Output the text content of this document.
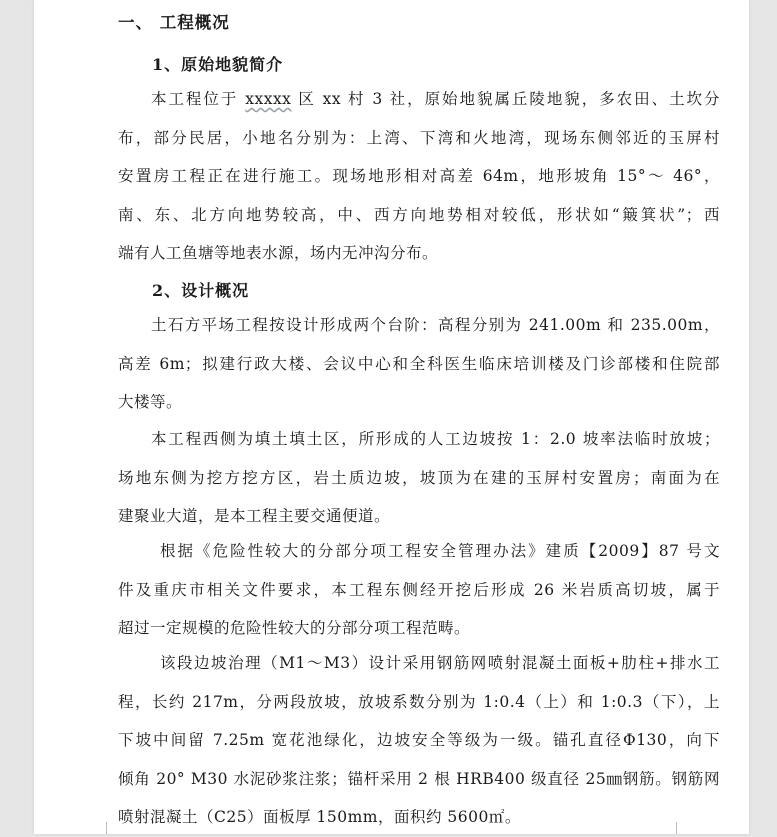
一、 工程概况
1、原始地貌简介
本工程位于 xxxxx 区 xx 村 3 社，原始地貌属丘陵地貌，多农田、土坎分
布，部分民居，小地名分别为：上湾、下湾和火地湾，现场东侧邻近的玉屏村
安置房工程正在进行施工。现场地形相对高差 64m，地形坡角 15°～ 46°，
南、东、北方向地势较高，中、西方向地势相对较低，形状如“簸箕状”；西
端有人工鱼塘等地表水源，场内无冲沟分布。
2、设计概况
土石方平场工程按设计形成两个台阶：高程分别为 241.00m 和 235.00m，
高差 6m；拟建行政大楼、会议中心和全科医生临床培训楼及门诊部楼和住院部
大楼等。
本工程西侧为填土填土区，所形成的人工边坡按 1：2.0 坡率法临时放坡；
场地东侧为挖方挖方区，岩土质边坡，坡顶为在建的玉屏村安置房；南面为在
建聚业大道，是本工程主要交通便道。
根据《危险性较大的分部分项工程安全管理办法》建质【2009】87 号文
件及重庆市相关文件要求，本工程东侧经开挖后形成 26 米岩质高切坡，属于
超过一定规模的危险性较大的分部分项工程范畴。
该段边坡治理（M1～M3）设计采用钢筋网喷射混凝土面板+肋柱+排水工
程，长约 217m，分两段放坡，放坡系数分别为 1:0.4（上）和 1:0.3（下），上
下坡中间留 7.25m 宽花池绿化，边坡安全等级为一级。锚孔直径Φ130，向下
倾角 20° M30 水泥砂浆注浆；锚杆采用 2 根 HRB400 级直径 25㎜钢筋。钢筋网
喷射混凝土（C25）面板厚 150mm，面积约 5600㎡。
